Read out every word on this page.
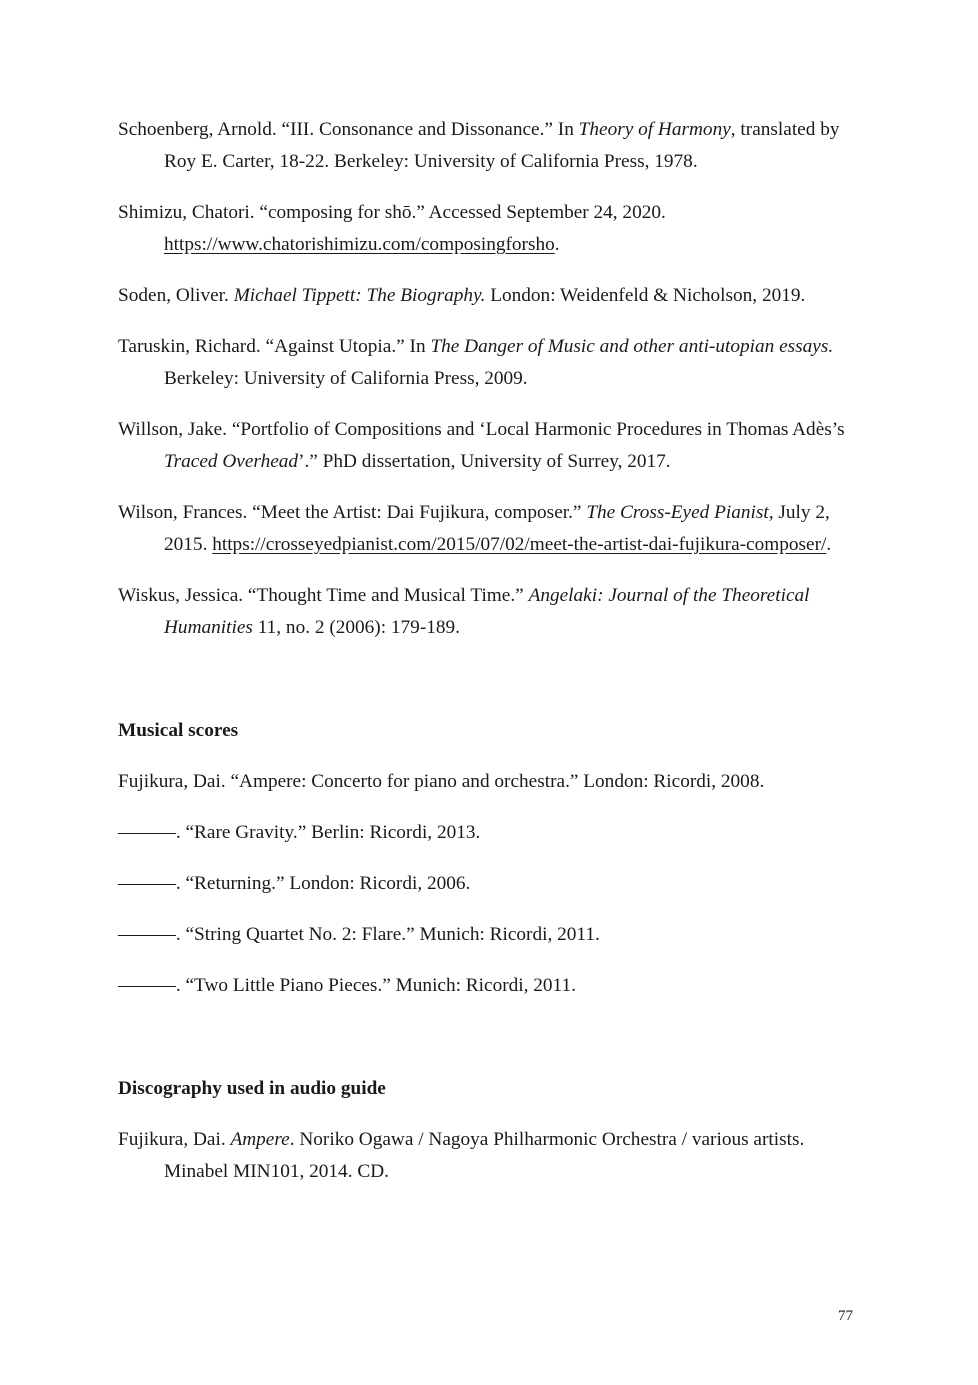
Schoenberg, Arnold. “III. Consonance and Dissonance.” In Theory of Harmony, translated by Roy E. Carter, 18-22. Berkeley: University of California Press, 1978.

Shimizu, Chatori. “composing for shō.” Accessed September 24, 2020. https://www.chatorishimizu.com/composingforsho.

Soden, Oliver. Michael Tippett: The Biography. London: Weidenfeld & Nicholson, 2019.

Taruskin, Richard. “Against Utopia.” In The Danger of Music and other anti-utopian essays. Berkeley: University of California Press, 2009.

Willson, Jake. “Portfolio of Compositions and ‘Local Harmonic Procedures in Thomas Adès’s Traced Overhead’.” PhD dissertation, University of Surrey, 2017.

Wilson, Frances. “Meet the Artist: Dai Fujikura, composer.” The Cross-Eyed Pianist, July 2, 2015. https://crosseyedpianist.com/2015/07/02/meet-the-artist-dai-fujikura-composer/.

Wiskus, Jessica. “Thought Time and Musical Time.” Angelaki: Journal of the Theoretical Humanities 11, no. 2 (2006): 179-189.

Musical scores

Fujikura, Dai. “Ampere: Concerto for piano and orchestra.” London: Ricordi, 2008.

———. “Rare Gravity.” Berlin: Ricordi, 2013.

———. “Returning.” London: Ricordi, 2006.

———. “String Quartet No. 2: Flare.” Munich: Ricordi, 2011.

———. “Two Little Piano Pieces.” Munich: Ricordi, 2011.

Discography used in audio guide

Fujikura, Dai. Ampere. Noriko Ogawa / Nagoya Philharmonic Orchestra / various artists. Minabel MIN101, 2014. CD.

77
